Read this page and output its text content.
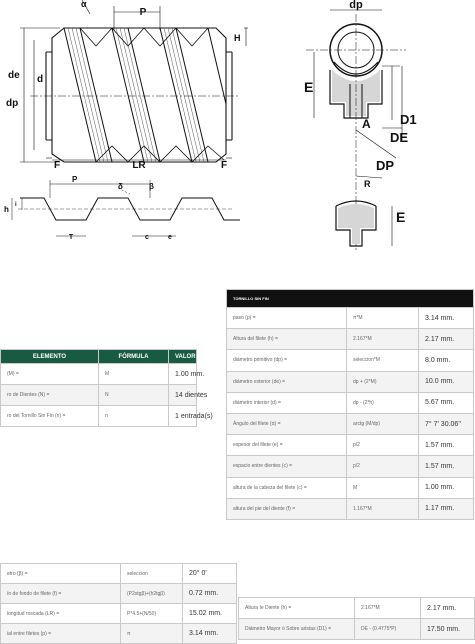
α
P
H
de d
dp
F	LR	F
P
δ	β
h i
T	c	e
dp
E
A D1
DE
DP
R
E
ELEMENTO	FÓRMULA	VALOR
(M) =	M	1.00 mm.
ro de Dientes (N) =	N	14 dientes
ro del Tornillo Sin Fin (n) =	n	1 entrada(s)
TORNILLO SIN FIN		
paso (p) =	π*M	3.14 mm.
Altura del filete (h) =	2.167*M	2.17 mm.
diámetro primitivo (dp) =	seleccion*M	8.0 mm.
diámetro exterior (de) =	dp + (2*M)	10.0 mm.
diámetro interior (d) =	dp - (2*h)	5.67 mm.
Ángulo del filete (α) =	arctg (M/dp)	7° 7' 30.06"
espesor del filete (e) =	p/2	1.57 mm.
espacio entre dientes (c) =	p/2	1.57 mm.
altura de la cabeza del filete (c) =	M	1.00 mm.
altura del pie del diente (f) =	1.167*M	1.17 mm.
etro (β) =	seleccion	20° 0'
ín de fondo de filete (f) =	(P2xtgβ)+(h2tgβ)	0.72 mm.
longitud roscada (LR) =	P*4.5+(N/50)	15.02 mm.
ial entre filetes (p) =	π	3.14 mm.
Altura Ie Diente (h) =	2.167*M	2.17 mm.
Diámetro Mayor ó Sobre aristas (D1) =	DE - (0.4775*P)	17.50 mm.
